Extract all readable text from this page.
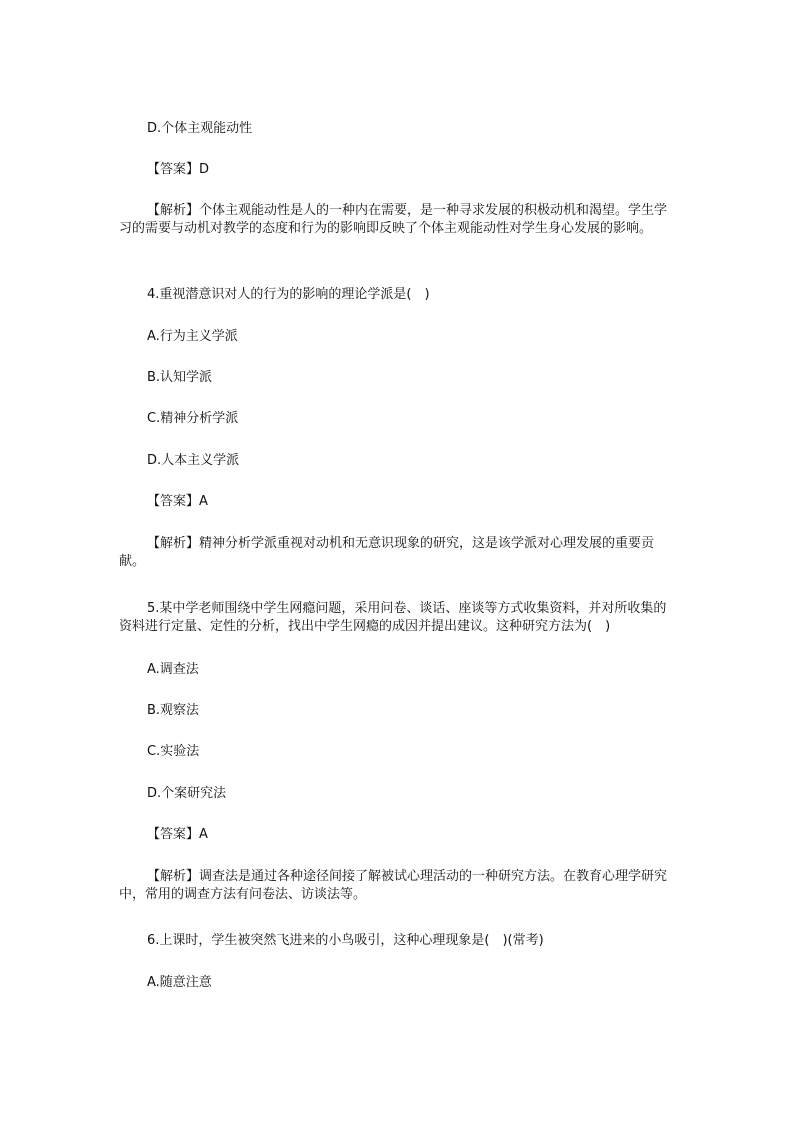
D.个体主观能动性
【答案】D
【解析】个体主观能动性是人的一种内在需要，是一种寻求发展的积极动机和渴望。学生学习的需要与动机对教学的态度和行为的影响即反映了个体主观能动性对学生身心发展的影响。
4.重视潜意识对人的行为的影响的理论学派是(　)
A.行为主义学派
B.认知学派
C.精神分析学派
D.人本主义学派
【答案】A
【解析】精神分析学派重视对动机和无意识现象的研究，这是该学派对心理发展的重要贡献。
5.某中学老师围绕中学生网瘾问题，采用问卷、谈话、座谈等方式收集资料，并对所收集的资料进行定量、定性的分析，找出中学生网瘾的成因并提出建议。这种研究方法为(　)
A.调查法
B.观察法
C.实验法
D.个案研究法
【答案】A
【解析】调查法是通过各种途径间接了解被试心理活动的一种研究方法。在教育心理学研究中，常用的调查方法有问卷法、访谈法等。
6.上课时，学生被突然飞进来的小鸟吸引，这种心理现象是(　)(常考)
A.随意注意
